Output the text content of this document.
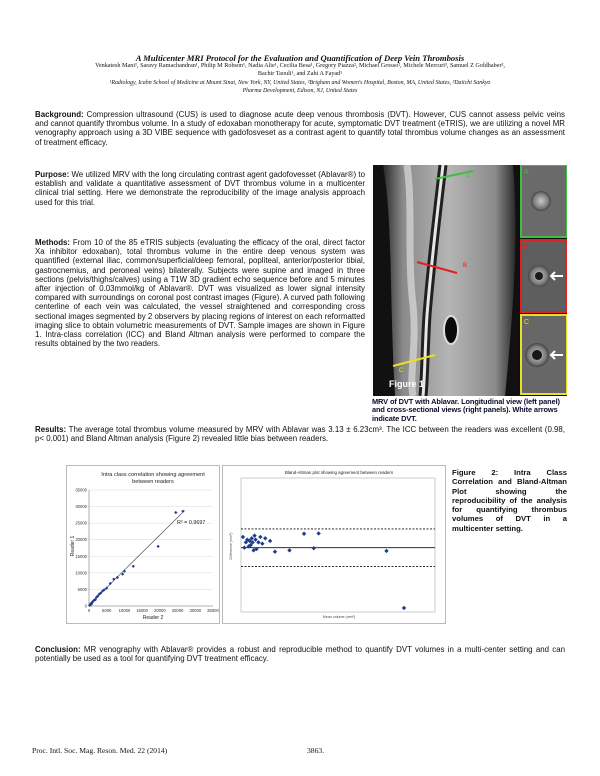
A Multicenter MRI Protocol for the Evaluation and Quantification of Deep Vein Thrombosis
Venkatesh Mani¹, Saravy Ramachandran¹, Philip M Robson¹, Nadia Alie¹, Cecilia Besa¹, Gregory Piazza², Michael Grosso², Michele Mercuri³, Samuel Z Goldhaber²,
Bachir Taouli¹, and Zahi A Fayad¹
¹Radiology, Icahn School of Medicine at Mount Sinai, New York, NY, United States, ²Brigham and Women's Hospital, Boston, MA, United States, ³Daiichi Sankyo
Pharma Development, Edison, NJ, United States
Background: Compression ultrasound (CUS) is used to diagnose acute deep venous thrombosis (DVT). However, CUS cannot assess pelvic veins and cannot quantify thrombus volume. In a study of edoxaban monotherapy for acute, symptomatic DVT treatment (eTRIS), we are utilizing a novel MR venography approach using a 3D VIBE sequence with gadofosveset as a contrast agent to quantify total thrombus volume changes as an assessment of treatment efficacy.
Purpose: We utilized MRV with the long circulating contrast agent gadofovesset (Ablavar®) to establish and validate a quantitative assessment of DVT thrombus volume in a multicenter clinical trial setting. Here we demonstrate the reproducibility of the image analysis approach used for this trial.
Methods: From 10 of the 85 eTRIS subjects (evaluating the efficacy of the oral, direct factor Xa inhibitor edoxaban), total thrombus volume in the entire deep venous system was quantified (external iliac, common/superficial/deep femoral, popliteal, anterior/posterior tibial, gastrocnemius, and peroneal veins) bilaterally. Subjects were supine and imaged in three sections (pelvis/thighs/calves) using a T1W 3D gradient echo sequence before and 5 minutes after injection of 0.03mmol/kg of Ablavar®. DVT was visualized as lower signal intensity compared with surroundings on coronal post contrast images (Figure). A curved path following centerline of each vein was calculated, the vessel straightened and corresponding cross sectional images segmented by 2 observers by placing regions of interest on each reformatted imaging slice to obtain volumetric measurements of DVT. Sample images are shown in Figure 1. Intra-class correlation (ICC) and Bland Altman analysis were performed to compare the results obtained by the two readers.
Figure 1
A
B
C
A
B
C
MRV of DVT with Ablavar. Longitudinal view (left panel) and cross-sectional views (right panels). White arrows indicate DVT.
Results: The average total thrombus volume measured by MRV with Ablavar was 3.13 ± 6.23cm³. The ICC between the readers was excellent (0.98, p< 0.001) and Bland Altman analysis (Figure 2) revealed little bias between readers.
Intra class correlation showing agreement
between readers
0
5000
10000
15000
20000
25000
30000
35000
0	5000 10000 15000 20000 25000 30000 35000
R² = 0.9697
Reader 2
Reader 1
Bland-Altman plot showing agreement between readers
Mean volume (mm³)
Difference (mm³)
Figure 2: Intra Class Correlation and Bland-Altman Plot showing the reproducibility of the analysis for quantifying thrombus volumes of DVT in a multicenter setting.
Conclusion: MR venography with Ablavar® provides a robust and reproducible method to quantify DVT volumes in a multi-center setting and can potentially be used as a tool for quantifying DVT treatment efficacy.
Proc. Intl. Soc. Mag. Reson. Med. 22 (2014)	3863.
